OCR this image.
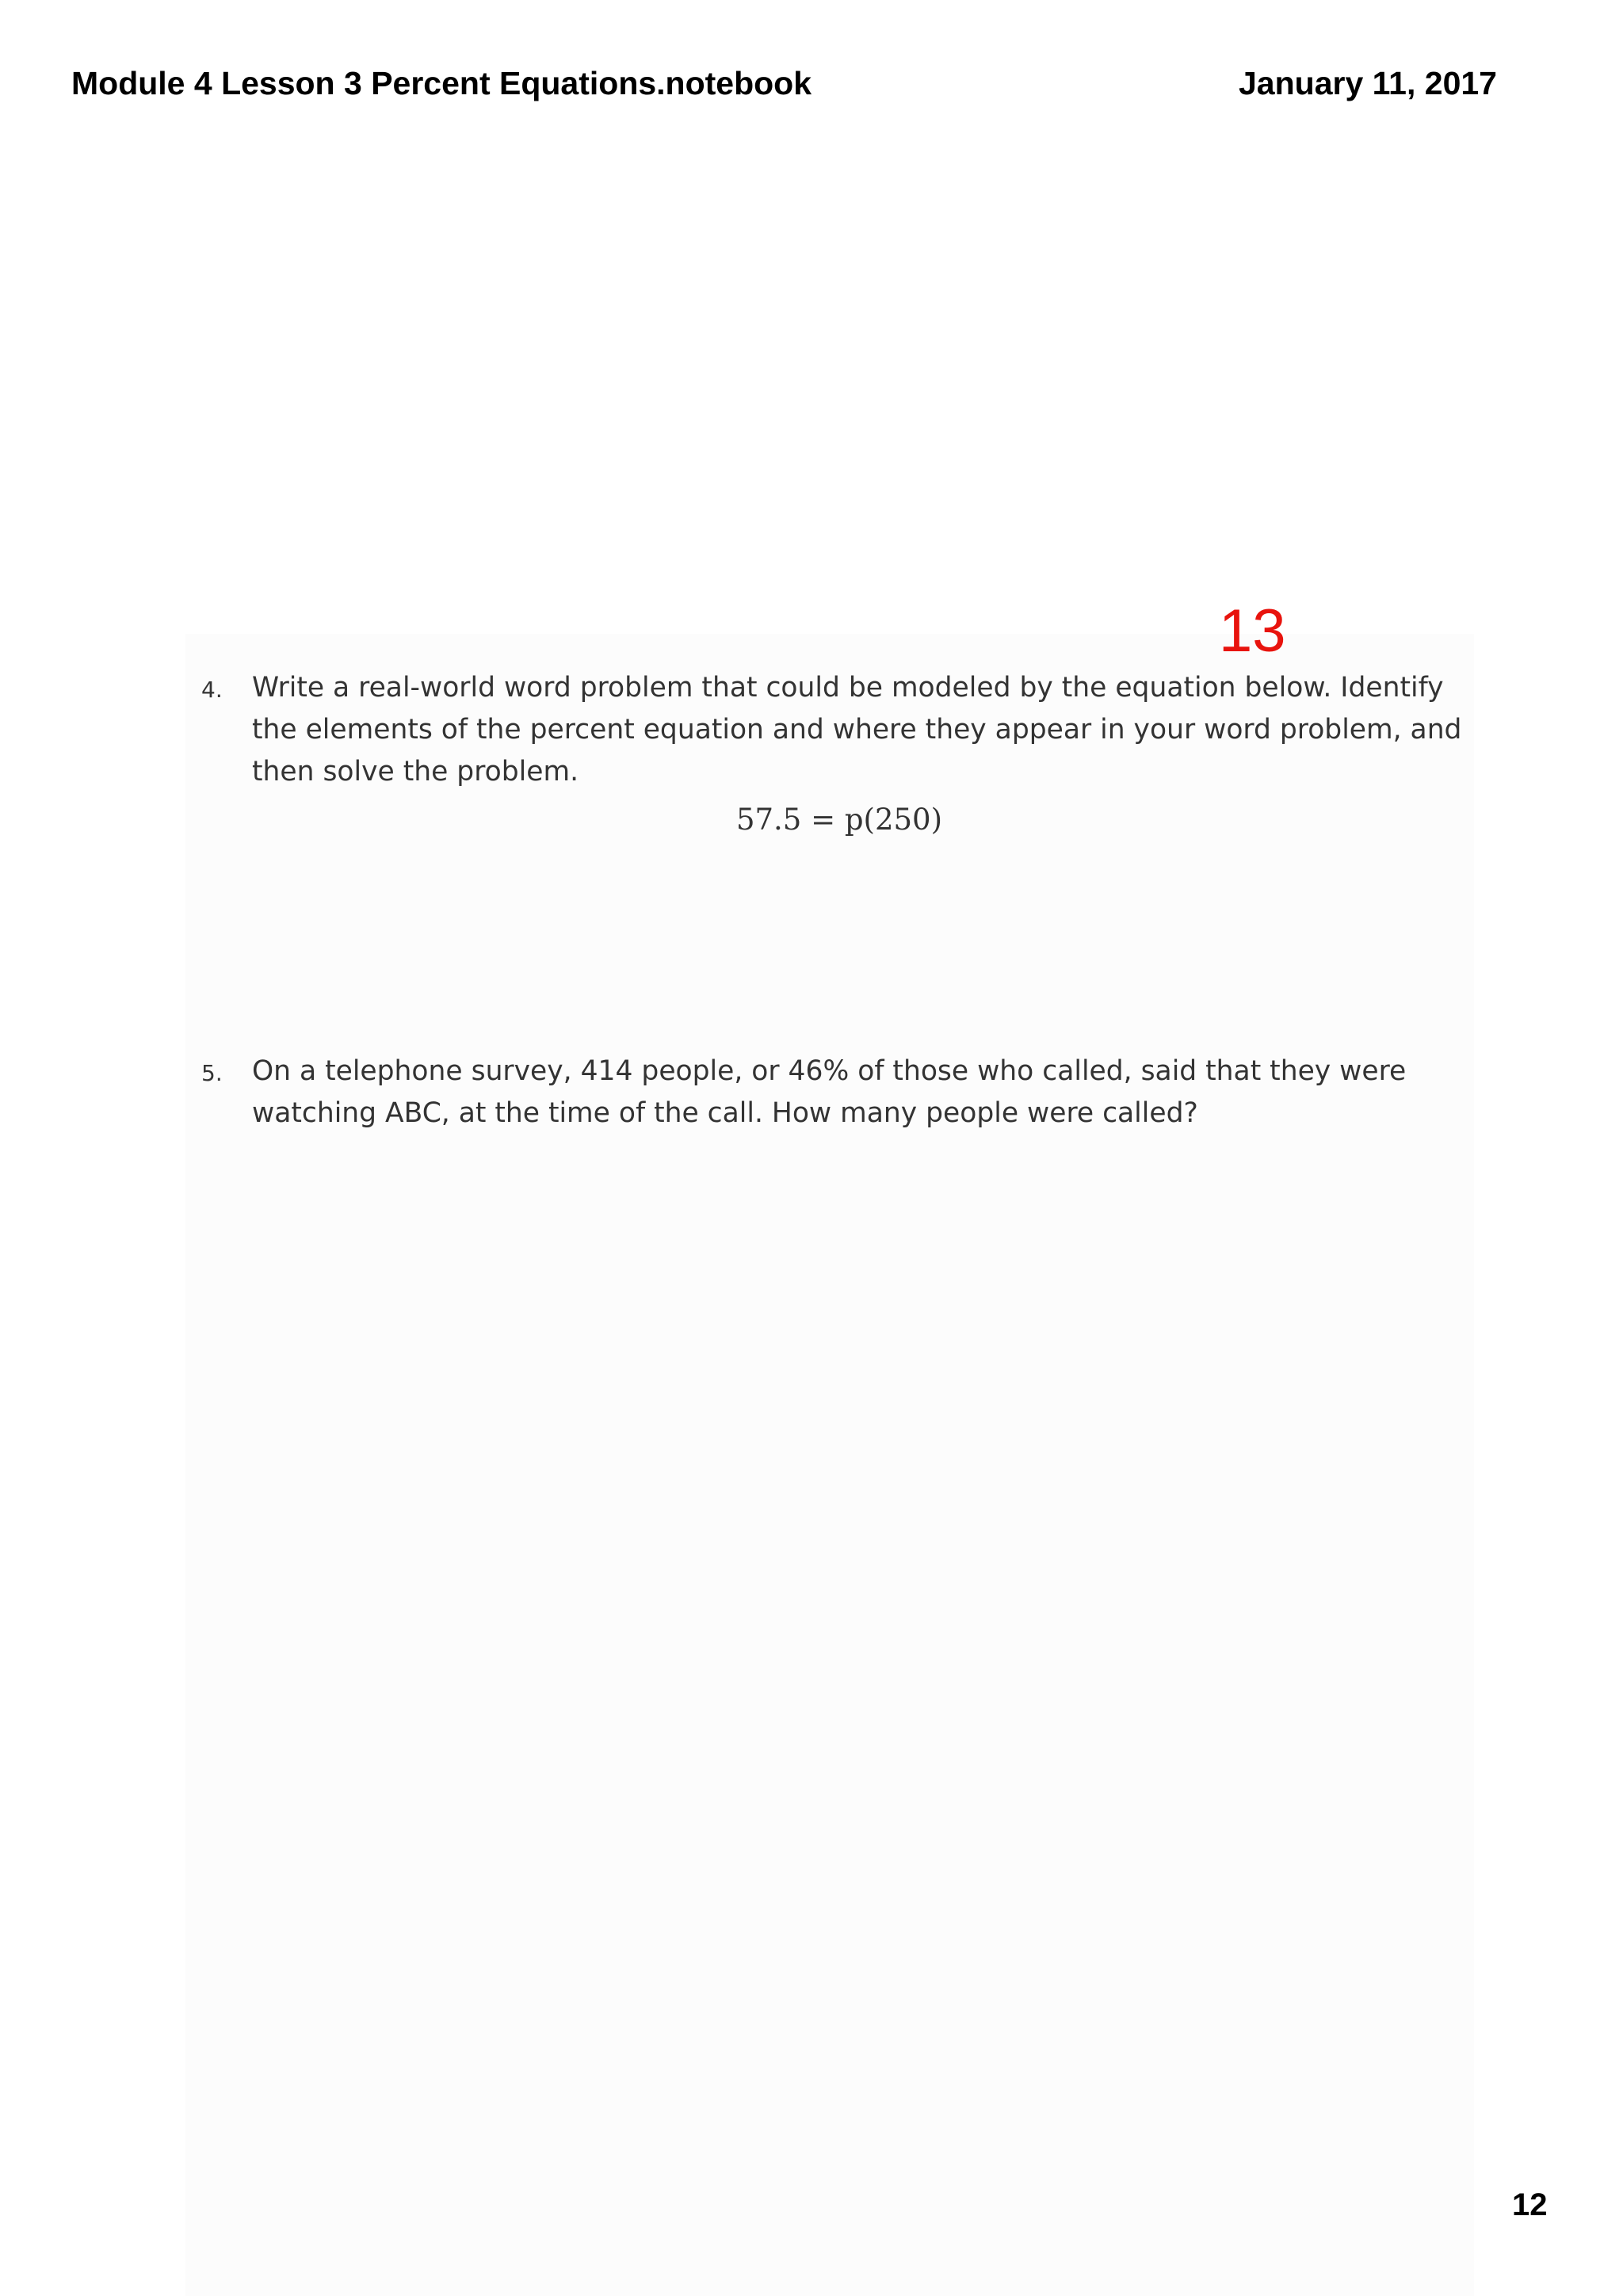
Module 4 Lesson 3 Percent Equations.notebook	January 11, 2017
13
4. Write a real-world word problem that could be modeled by the equation below. Identify
the elements of the percent equation and where they appear in your word problem, and
then solve the problem.
57.5 = p(250)
5. On a telephone survey, 414 people, or 46% of those who called, said that they were
watching ABC, at the time of the call. How many people were called?
12
